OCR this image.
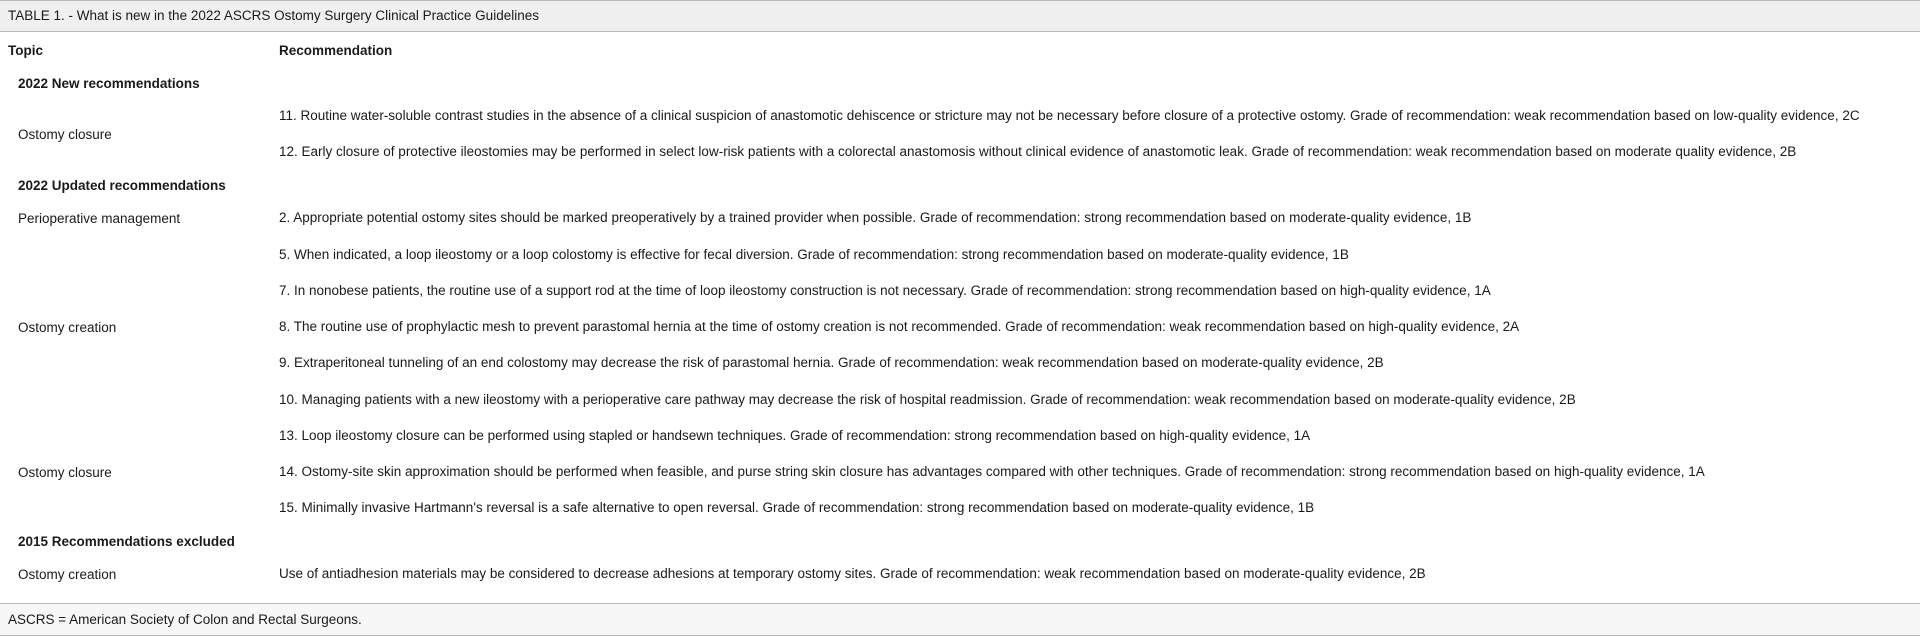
TABLE 1. - What is new in the 2022 ASCRS Ostomy Surgery Clinical Practice Guidelines
Topic	Recommendation
2022 New recommendations	
Ostomy closure	11. Routine water-soluble contrast studies in the absence of a clinical suspicion of anastomotic dehiscence or stricture may not be necessary before closure of a protective ostomy. Grade of recommendation: weak recommendation based on low-quality evidence, 2C
	12. Early closure of protective ileostomies may be performed in select low-risk patients with a colorectal anastomosis without clinical evidence of anastomotic leak. Grade of recommendation: weak recommendation based on moderate quality evidence, 2B
2022 Updated recommendations	
Perioperative management	2. Appropriate potential ostomy sites should be marked preoperatively by a trained provider when possible. Grade of recommendation: strong recommendation based on moderate-quality evidence, 1B
Ostomy creation	5. When indicated, a loop ileostomy or a loop colostomy is effective for fecal diversion. Grade of recommendation: strong recommendation based on moderate-quality evidence, 1B
	7. In nonobese patients, the routine use of a support rod at the time of loop ileostomy construction is not necessary. Grade of recommendation: strong recommendation based on high-quality evidence, 1A
	8. The routine use of prophylactic mesh to prevent parastomal hernia at the time of ostomy creation is not recommended. Grade of recommendation: weak recommendation based on high-quality evidence, 2A
	9. Extraperitoneal tunneling of an end colostomy may decrease the risk of parastomal hernia. Grade of recommendation: weak recommendation based on moderate-quality evidence, 2B
	10. Managing patients with a new ileostomy with a perioperative care pathway may decrease the risk of hospital readmission. Grade of recommendation: weak recommendation based on moderate-quality evidence, 2B
Ostomy closure	13. Loop ileostomy closure can be performed using stapled or handsewn techniques. Grade of recommendation: strong recommendation based on high-quality evidence, 1A
	14. Ostomy-site skin approximation should be performed when feasible, and purse string skin closure has advantages compared with other techniques. Grade of recommendation: strong recommendation based on high-quality evidence, 1A
	15. Minimally invasive Hartmann's reversal is a safe alternative to open reversal. Grade of recommendation: strong recommendation based on moderate-quality evidence, 1B
2015 Recommendations excluded	
Ostomy creation	Use of antiadhesion materials may be considered to decrease adhesions at temporary ostomy sites. Grade of recommendation: weak recommendation based on moderate-quality evidence, 2B
ASCRS = American Society of Colon and Rectal Surgeons.
